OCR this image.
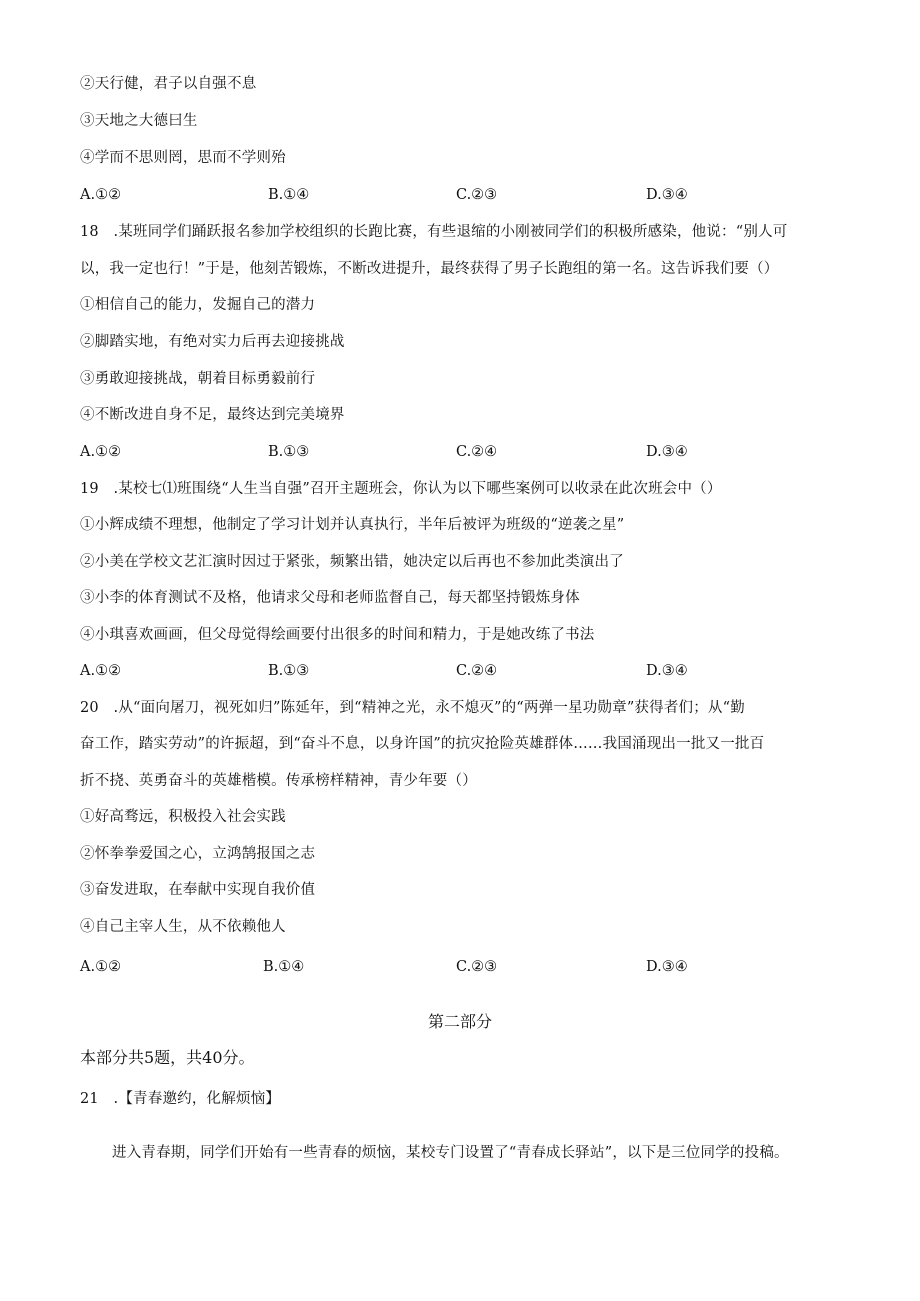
②天行健，君子以自强不息
③天地之大德曰生
④学而不思则罔，思而不学则殆
A.①②	B.①④	C.②③	D.③④
18　.某班同学们踊跃报名参加学校组织的长跑比赛，有些退缩的小刚被同学们的积极所感染，他说：“别人可
以，我一定也行！”于是，他刻苦锻炼，不断改进提升，最终获得了男子长跑组的第一名。这告诉我们要（）
①相信自己的能力，发掘自己的潜力
②脚踏实地，有绝对实力后再去迎接挑战
③勇敢迎接挑战，朝着目标勇毅前行
④不断改进自身不足，最终达到完美境界
A.①②	B.①③	C.②④	D.③④
19　.某校七⑴班围绕“人生当自强”召开主题班会，你认为以下哪些案例可以收录在此次班会中（）
①小辉成绩不理想，他制定了学习计划并认真执行，半年后被评为班级的“逆袭之星”
②小美在学校文艺汇演时因过于紧张，频繁出错，她决定以后再也不参加此类演出了
③小李的体育测试不及格，他请求父母和老师监督自己，每天都坚持锻炼身体
④小琪喜欢画画，但父母觉得绘画要付出很多的时间和精力，于是她改练了书法
A.①②	B.①③	C.②④	D.③④
20　.从“面向屠刀，视死如归”陈延年，到“精神之光，永不熄灭”的“两弹一星功勋章”获得者们；从“勤
奋工作，踏实劳动”的许振超，到“奋斗不息，以身许国”的抗灾抢险英雄群体……我国涌现出一批又一批百
折不挠、英勇奋斗的英雄楷模。传承榜样精神，青少年要（）
①好高骛远，积极投入社会实践
②怀拳拳爱国之心，立鸿鹄报国之志
③奋发进取，在奉献中实现自我价值
④自己主宰人生，从不依赖他人
A.①②	B.①④	C.②③	D.③④
第二部分
本部分共5题，共40分。
21　.【青春邀约，化解烦恼】
进入青春期，同学们开始有一些青春的烦恼，某校专门设置了“青春成长驿站”，以下是三位同学的投稿。
